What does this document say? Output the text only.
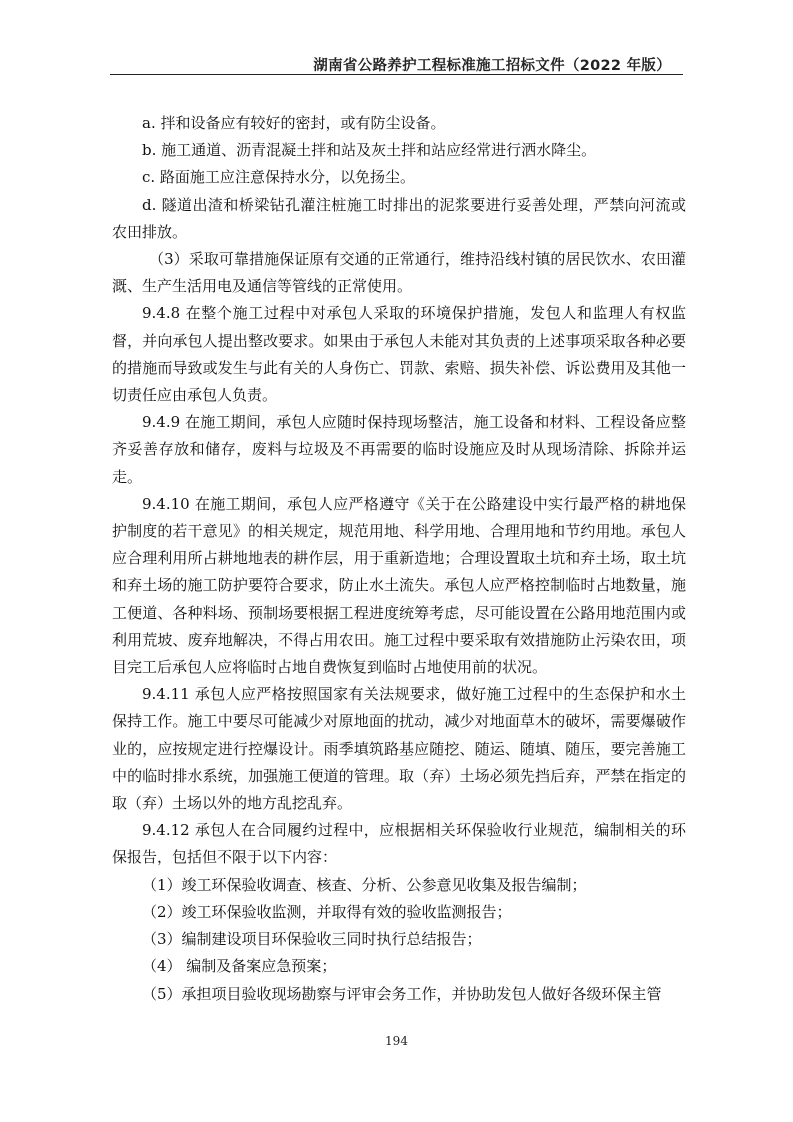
湖南省公路养护工程标准施工招标文件（2022 年版）

a. 拌和设备应有较好的密封，或有防尘设备。

b. 施工通道、沥青混凝土拌和站及灰土拌和站应经常进行洒水降尘。

c. 路面施工应注意保持水分，以免扬尘。

d. 隧道出渣和桥梁钻孔灌注桩施工时排出的泥浆要进行妥善处理，严禁向河流或农田排放。

（3）采取可靠措施保证原有交通的正常通行，维持沿线村镇的居民饮水、农田灌溉、生产生活用电及通信等管线的正常使用。

9.4.8 在整个施工过程中对承包人采取的环境保护措施，发包人和监理人有权监督，并向承包人提出整改要求。如果由于承包人未能对其负责的上述事项采取各种必要的措施而导致或发生与此有关的人身伤亡、罚款、索赔、损失补偿、诉讼费用及其他一切责任应由承包人负责。

9.4.9 在施工期间，承包人应随时保持现场整洁，施工设备和材料、工程设备应整齐妥善存放和储存，废料与垃圾及不再需要的临时设施应及时从现场清除、拆除并运走。

9.4.10 在施工期间，承包人应严格遵守《关于在公路建设中实行最严格的耕地保护制度的若干意见》的相关规定，规范用地、科学用地、合理用地和节约用地。承包人应合理利用所占耕地地表的耕作层，用于重新造地；合理设置取土坑和弃土场，取土坑和弃土场的施工防护要符合要求，防止水土流失。承包人应严格控制临时占地数量，施工便道、各种料场、预制场要根据工程进度统筹考虑，尽可能设置在公路用地范围内或利用荒坡、废弃地解决，不得占用农田。施工过程中要采取有效措施防止污染农田，项目完工后承包人应将临时占地自费恢复到临时占地使用前的状况。

9.4.11 承包人应严格按照国家有关法规要求，做好施工过程中的生态保护和水土保持工作。施工中要尽可能减少对原地面的扰动，减少对地面草木的破坏，需要爆破作业的，应按规定进行控爆设计。雨季填筑路基应随挖、随运、随填、随压，要完善施工中的临时排水系统，加强施工便道的管理。取（弃）土场必须先挡后弃，严禁在指定的取（弃）土场以外的地方乱挖乱弃。

9.4.12 承包人在合同履约过程中，应根据相关环保验收行业规范，编制相关的环保报告，包括但不限于以下内容：

（1）竣工环保验收调查、核查、分析、公参意见收集及报告编制；

（2）竣工环保验收监测，并取得有效的验收监测报告；

（3）编制建设项目环保验收三同时执行总结报告；

（4） 编制及备案应急预案；

（5）承担项目验收现场勘察与评审会务工作，并协助发包人做好各级环保主管

194
